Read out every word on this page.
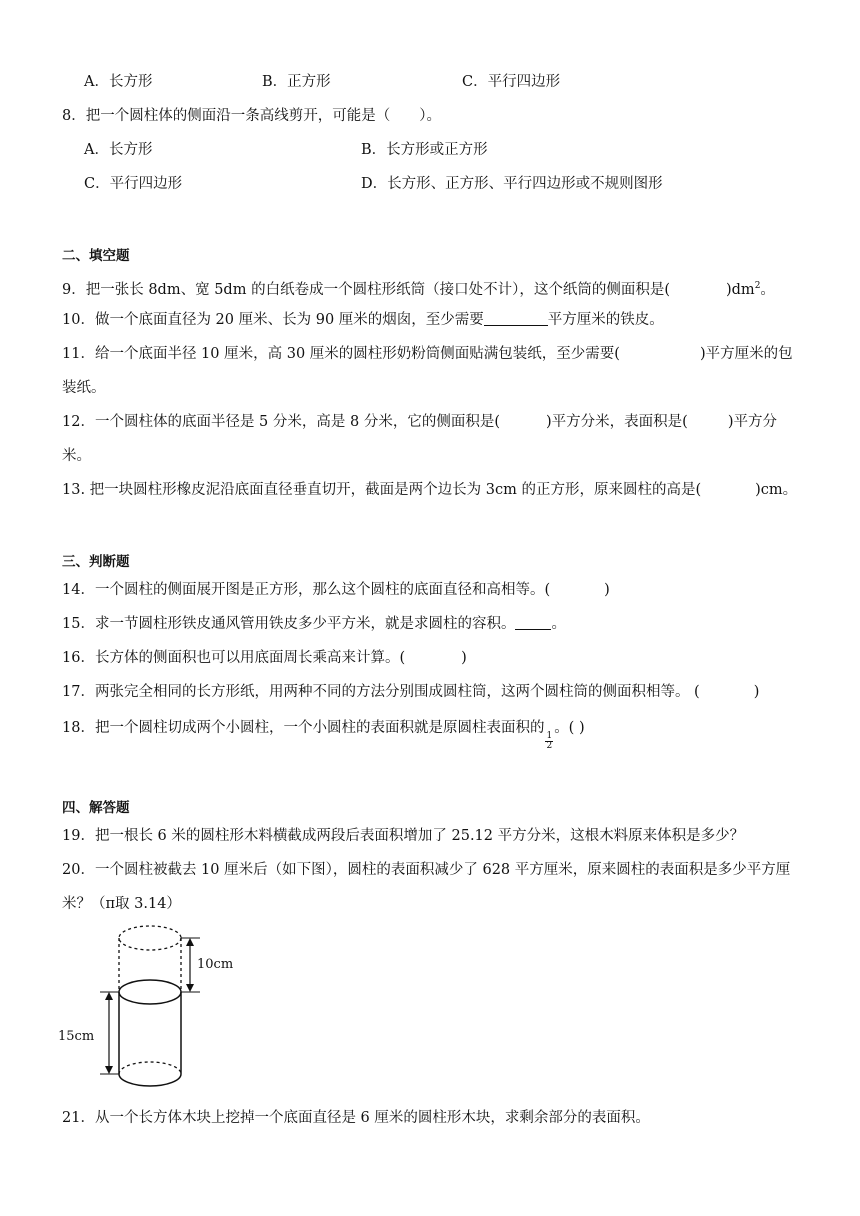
A．长方形	B．正方形	C．平行四边形
8．把一个圆柱体的侧面沿一条高线剪开，可能是（　　）。
A．长方形	B．长方形或正方形
C．平行四边形	D．长方形、正方形、平行四边形或不规则图形
二、填空题
9．把一张长 8dm、宽 5dm 的白纸卷成一个圆柱形纸筒（接口处不计），这个纸筒的侧面积是(	)$dm^2$。
10．做一个底面直径为 20 厘米、长为 90 厘米的烟囱，至少需要	平方厘米的铁皮。
11．给一个底面半径 10 厘米，高 30 厘米的圆柱形奶粉筒侧面贴满包装纸，至少需要(	)平方厘米的包
装纸。
12．一个圆柱体的底面半径是 5 分米，高是 8 分米，它的侧面积是(	)平方分米，表面积是(	)平方分
米。
13. 把一块圆柱形橡皮泥沿底面直径垂直切开，截面是两个边长为 3cm 的正方形，原来圆柱的高是(	)cm。
三、判断题
14．一个圆柱的侧面展开图是正方形，那么这个圆柱的底面直径和高相等。(	)
15．求一节圆柱形铁皮通风管用铁皮多少平方米，就是求圆柱的容积。 。
16．长方体的侧面积也可以用底面周长乘高来计算。(	)
17．两张完全相同的长方形纸，用两种不同的方法分别围成圆柱筒，这两个圆柱筒的侧面积相等。 (	)
18．把一个圆柱切成两个小圆柱，一个小圆柱的表面积就是原圆柱表面积的
$\frac{1}{2}$
。( )
四、解答题
19．把一根长 6 米的圆柱形木料横截成两段后表面积增加了 25.12 平方分米，这根木料原来体积是多少？
20．一个圆柱被截去 10 厘米后（如下图），圆柱的表面积减少了 628 平方厘米，原来圆柱的表面积是多少平方厘
米？（π取 3.14）
10cm
15cm
21．从一个长方体木块上挖掉一个底面直径是 6 厘米的圆柱形木块，求剩余部分的表面积。
